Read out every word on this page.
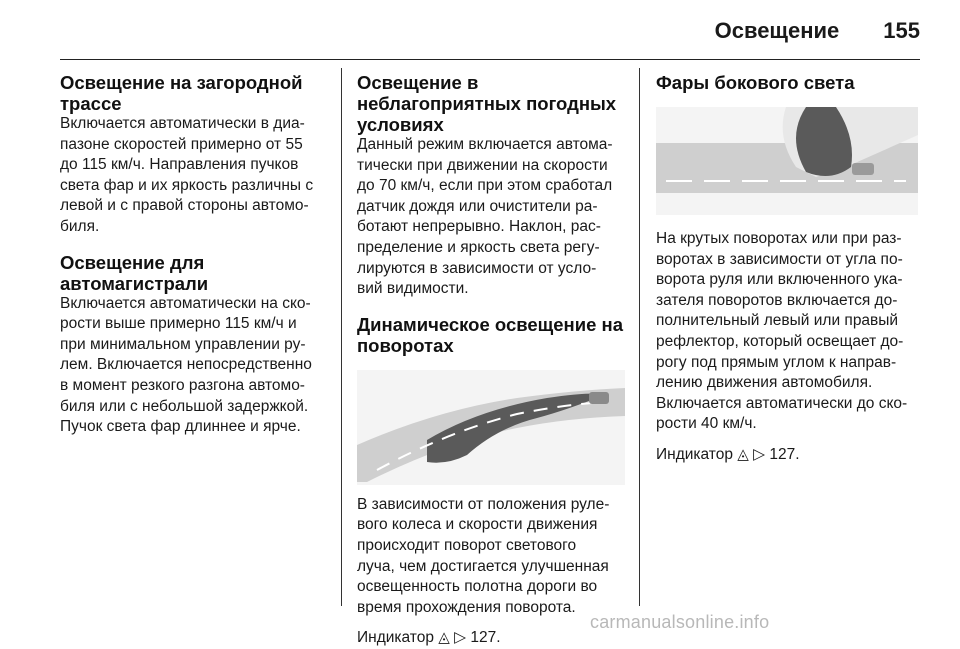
Освещение 155
Освещение на загородной
трассе

Включается автоматически в диа-

пазоне скоростей примерно от 55

до 115 км/ч. Направления пучков

света фар и их яркость различны с

левой и с правой стороны автомо-

биля.

Освещение для
автомагистрали

Включается автоматически на ско-

рости выше примерно 115 км/ч и

при минимальном управлении ру-

лем. Включается непосредственно

в момент резкого разгона автомо-

биля или с небольшой задержкой.

Пучок света фар длиннее и ярче.

Освещение в
неблагоприятных погодных
условиях

Данный режим включается автома-

тически при движении на скорости

до 70 км/ч, если при этом сработал

датчик дождя или очистители ра-

ботают непрерывно. Наклон, рас-

пределение и яркость света регу-

лируются в зависимости от усло-

вий видимости.

Динамическое освещение на
поворотах

В зависимости от положения руле-

вого колеса и скорости движения

происходит поворот светового

луча, чем достигается улучшенная

освещенность полотна дороги во

время прохождения поворота.

Индикатор ◬ ▷ 127.

Фары бокового света

На крутых поворотах или при раз-

воротах в зависимости от угла по-

ворота руля или включенного ука-

зателя поворотов включается до-

полнительный левый или правый

рефлектор, который освещает до-

рогу под прямым углом к направ-

лению движения автомобиля.

Включается автоматически до ско-

рости 40 км/ч.

Индикатор ◬ ▷ 127.

carmanualsonline.info
